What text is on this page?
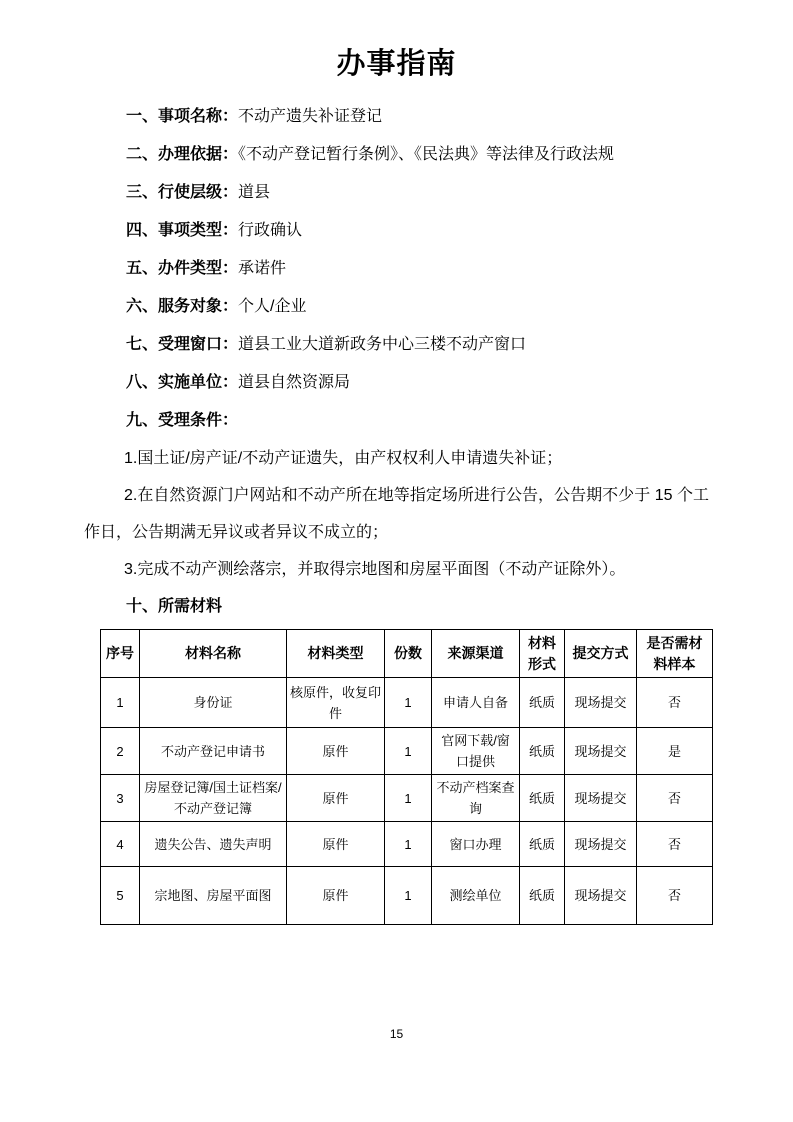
办事指南

一、事项名称：不动产遗失补证登记

二、办理依据：《不动产登记暂行条例》、《民法典》等法律及行政法规

三、行使层级：道县

四、事项类型：行政确认

五、办件类型：承诺件

六、服务对象：个人/企业

七、受理窗口：道县工业大道新政务中心三楼不动产窗口

八、实施单位：道县自然资源局

九、受理条件：

1.国土证/房产证/不动产证遗失，由产权权利人申请遗失补证；

2.在自然资源门户网站和不动产所在地等指定场所进行公告，公告期不少于 15 个工作日，公告期满无异议或者异议不成立的；

3.完成不动产测绘落宗，并取得宗地图和房屋平面图（不动产证除外）。

十、所需材料

序号	材料名称	材料类型	份数	来源渠道	材料形式	提交方式	是否需材料样本
1	身份证	核原件，收复印件	1	申请人自备	纸质	现场提交	否
2	不动产登记申请书	原件	1	官网下载/窗口提供	纸质	现场提交	是
3	房屋登记簿/国土证档案/不动产登记簿	原件	1	不动产档案查询	纸质	现场提交	否
4	遗失公告、遗失声明	原件	1	窗口办理	纸质	现场提交	否
5	宗地图、房屋平面图	原件	1	测绘单位	纸质	现场提交	否
15
